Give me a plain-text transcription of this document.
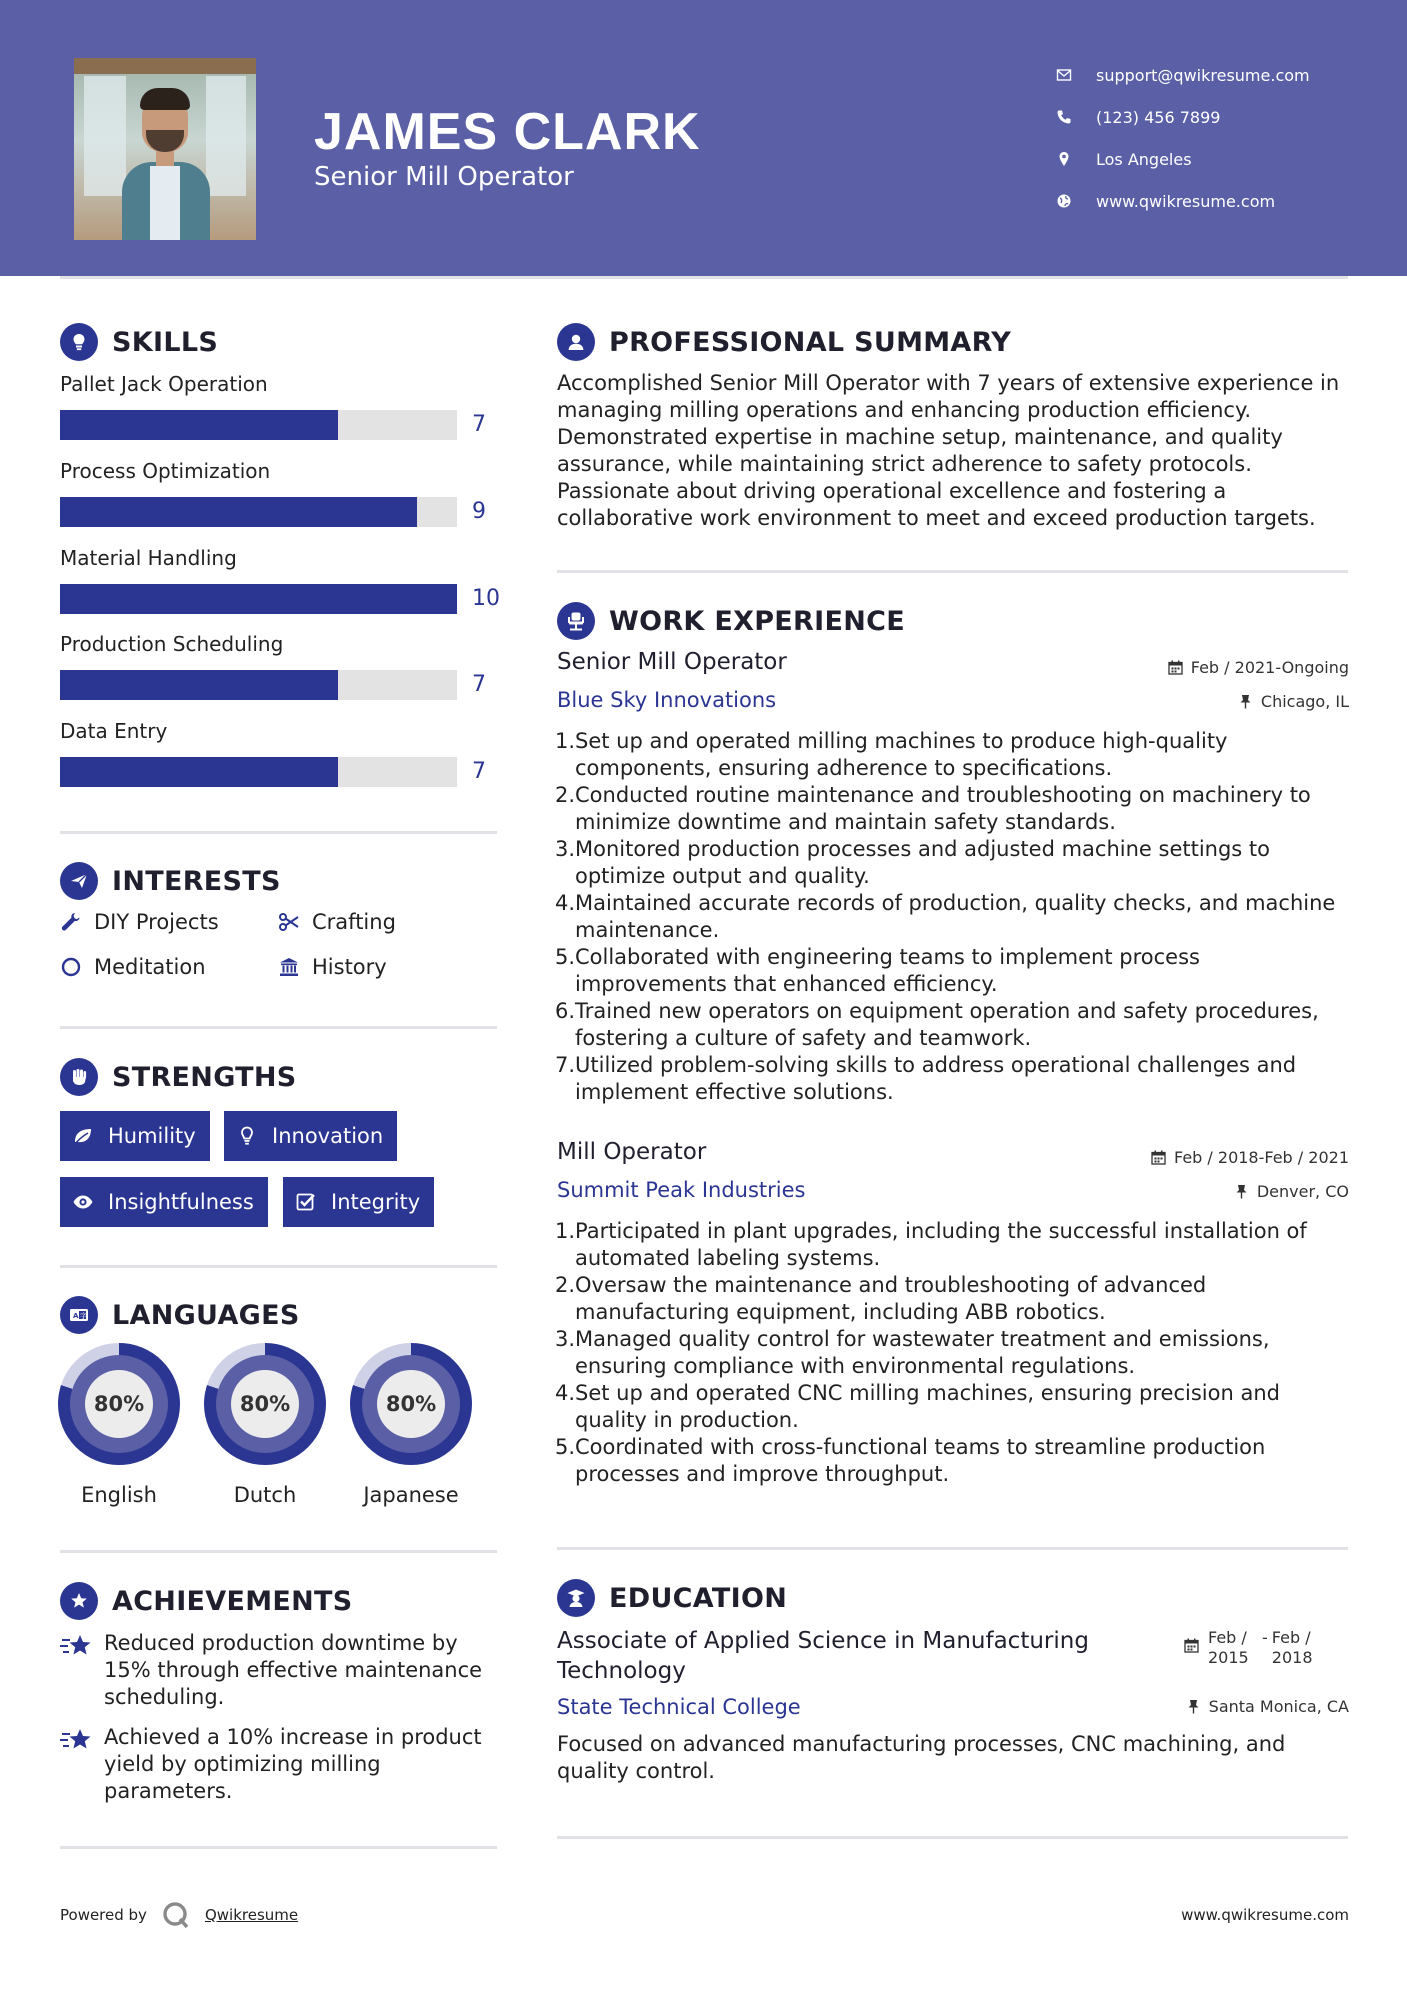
JAMES CLARK
Senior Mill Operator
support@qwikresume.com
(123) 456 7899
Los Angeles
www.qwikresume.com
SKILLS
Pallet Jack Operation
7
Process Optimization
9
Material Handling
10
Production Scheduling
7
Data Entry
7
INTERESTS
DIY Projects	Crafting
Meditation	History
STRENGTHS
Humility	Innovation
Insightfulness	Integrity
A 字 LANGUAGES
80%
English
80%
Dutch
80%
Japanese
ACHIEVEMENTS
Reduced production downtime by 15% through effective maintenance scheduling.
Achieved a 10% increase in product yield by optimizing milling parameters.
PROFESSIONAL SUMMARY
Accomplished Senior Mill Operator with 7 years of extensive experience in managing milling operations and enhancing production efficiency. Demonstrated expertise in machine setup, maintenance, and quality assurance, while maintaining strict adherence to safety protocols. Passionate about driving operational excellence and fostering a collaborative work environment to meet and exceed production targets.
WORK EXPERIENCE
Senior Mill Operator	Feb / 2021-Ongoing
Blue Sky Innovations	Chicago, IL
1. Set up and operated milling machines to produce high-quality components, ensuring adherence to specifications.
2. Conducted routine maintenance and troubleshooting on machinery to minimize downtime and maintain safety standards.
3. Monitored production processes and adjusted machine settings to optimize output and quality.
4. Maintained accurate records of production, quality checks, and machine maintenance.
5. Collaborated with engineering teams to implement process improvements that enhanced efficiency.
6. Trained new operators on equipment operation and safety procedures, fostering a culture of safety and teamwork.
7. Utilized problem-solving skills to address operational challenges and implement effective solutions.
Mill Operator	Feb / 2018-Feb / 2021
Summit Peak Industries	Denver, CO
1. Participated in plant upgrades, including the successful installation of automated labeling systems.
2. Oversaw the maintenance and troubleshooting of advanced manufacturing equipment, including ABB robotics.
3. Managed quality control for wastewater treatment and emissions, ensuring compliance with environmental regulations.
4. Set up and operated CNC milling machines, ensuring precision and quality in production.
5. Coordinated with cross-functional teams to streamline production processes and improve throughput.
EDUCATION
Associate of Applied Science in Manufacturing Technology
Feb / 2015
- Feb / 2018
State Technical College	Santa Monica, CA
Focused on advanced manufacturing processes, CNC machining, and quality control.
Powered by	Qwikresume	www.qwikresume.com
